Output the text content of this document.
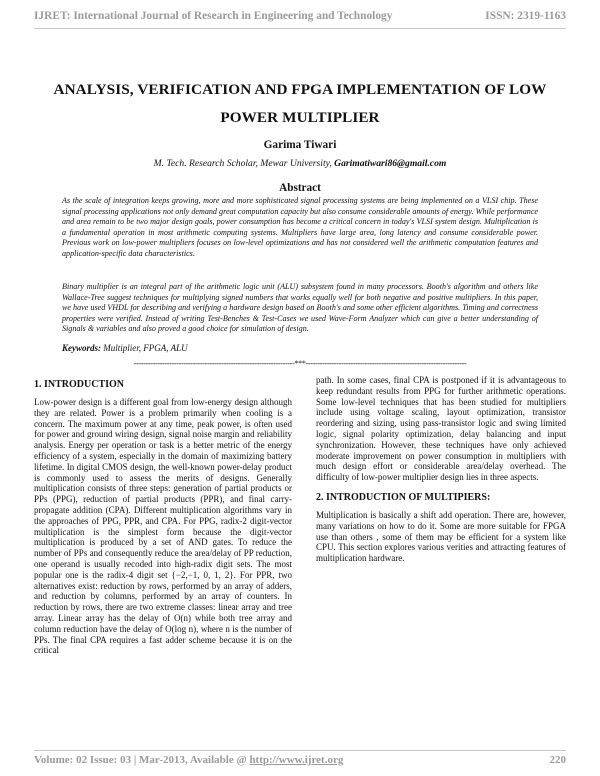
IJRET: International Journal of Research in Engineering and Technology	ISSN: 2319-1163
ANALYSIS, VERIFICATION AND FPGA IMPLEMENTATION OF LOW
POWER MULTIPLIER
Garima Tiwari
M. Tech. Research Scholar, Mewar University, Garimatiwari86@gmail.com
Abstract

As the scale of integration keeps growing, more and more sophisticated signal processing systems are being implemented on a VLSI chip. These signal processing applications not only demand great computation capacity but also consume considerable amounts of energy. While performance and area remain to be two major design goals, power consumption has become a critical concern in today's VLSI system design. Multiplication is a fundamental operation in most arithmetic computing systems. Multipliers have large area, long latency and consume considerable power. Previous work on low-power multipliers focuses on low-level optimizations and has not considered well the arithmetic computation features and application-specific data characteristics.

Binary multiplier is an integral part of the arithmetic logic unit (ALU) subsystem found in many processors. Booth's algorithm and others like Wallace-Tree suggest techniques for multiplying signed numbers that works equally well for both negative and positive multipliers. In this paper, we have used VHDL for describing and verifying a hardware design based on Booth's and some other efficient algorithms. Timing and correctness properties were verified. Instead of writing Test-Benches & Test-Cases we used Wave-Form Analyzer which can give a better understanding of Signals & variables and also proved a good choice for simulation of design.

Keywords: Multiplier, FPGA, ALU
--------------------------------------------------------------------***--------------------------------------------------------------------
1. INTRODUCTION

Low-power design is a different goal from low-energy design although they are related. Power is a problem primarily when cooling is a concern. The maximum power at any time, peak power, is often used for power and ground wiring design, signal noise margin and reliability analysis. Energy per operation or task is a better metric of the energy efficiency of a system, especially in the domain of maximizing battery lifetime. In digital CMOS design, the well-known power-delay product is commonly used to assess the merits of designs. Generally multiplication consists of three steps: generation of partial products or PPs (PPG), reduction of partial products (PPR), and final carry-propagate addition (CPA). Different multiplication algorithms vary in the approaches of PPG, PPR, and CPA. For PPG, radix-2 digit-vector multiplication is the simplest form because the digit-vector multiplication is produced by a set of AND gates. To reduce the number of PPs and consequently reduce the area/delay of PP reduction, one operand is usually recoded into high-radix digit sets. The most popular one is the radix-4 digit set {−2,−1, 0, 1, 2}. For PPR, two alternatives exist: reduction by rows, performed by an array of adders, and reduction by columns, performed by an array of counters. In reduction by rows, there are two extreme classes: linear array and tree array. Linear array has the delay of O(n) while both tree array and column reduction have the delay of O(log n), where n is the number of PPs. The final CPA requires a fast adder scheme because it is on the critical

path. In some cases, final CPA is postponed if it is advantageous to keep redundant results from PPG for further arithmetic operations. Some low-level techniques that has been studied for multipliers include using voltage scaling, layout optimization, transistor reordering and sizing, using pass-transistor logic and swing limited logic, signal polarity optimization, delay balancing and input synchronization. However, these techniques have only achieved moderate improvement on power consumption in multipliers with much design effort or considerable area/delay overhead. The difficulty of low-power multiplier design lies in three aspects.

2. INTRODUCTION OF MULTIPIERS:

Multiplication is basically a shift add operation. There are, however, many variations on how to do it. Some are more suitable for FPGA use than others , some of them may be efficient for a system like CPU. This section explores various verities and attracting features of multiplication hardware.

Volume: 02 Issue: 03 | Mar-2013, Available @ http://www.ijret.org	220
